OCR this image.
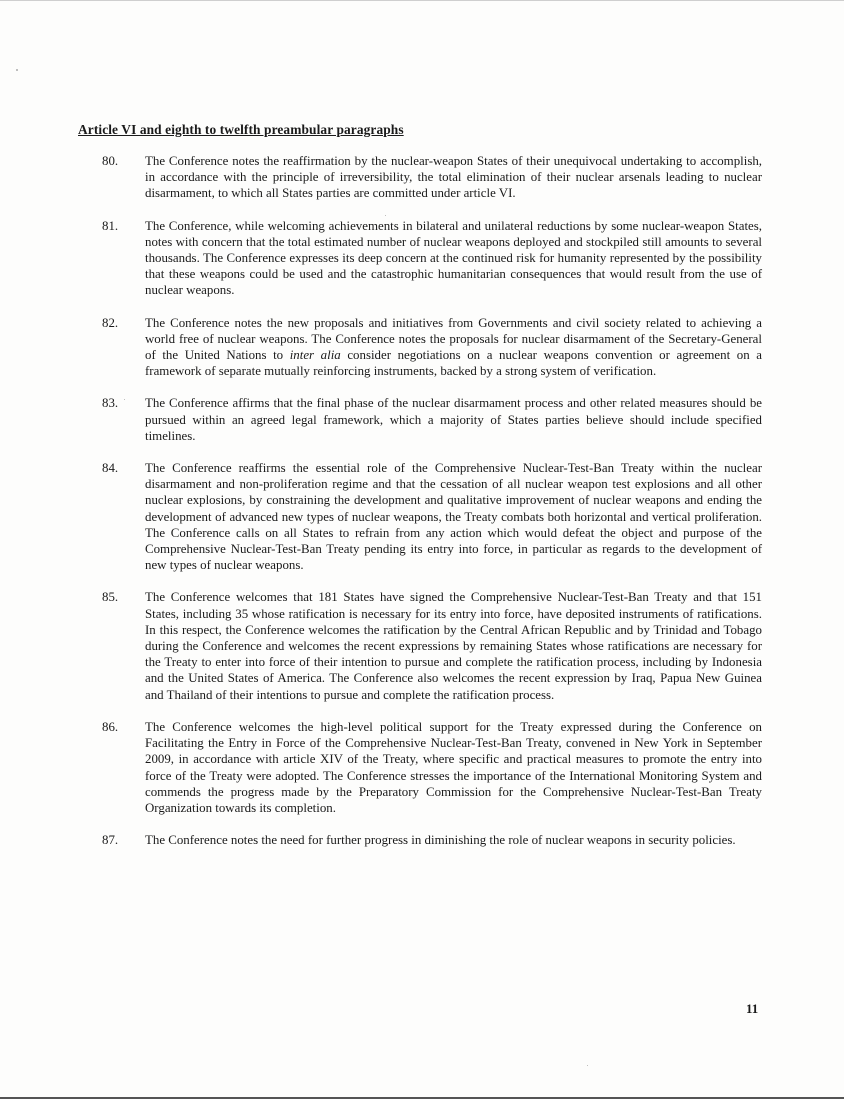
Article VI and eighth to twelfth preambular paragraphs
80.	The Conference notes the reaffirmation by the nuclear-weapon States of their unequivocal undertaking to accomplish, in accordance with the principle of irreversibility, the total elimination of their nuclear arsenals leading to nuclear disarmament, to which all States parties are committed under article VI.
81.	The Conference, while welcoming achievements in bilateral and unilateral reductions by some nuclear-weapon States, notes with concern that the total estimated number of nuclear weapons deployed and stockpiled still amounts to several thousands. The Conference expresses its deep concern at the continued risk for humanity represented by the possibility that these weapons could be used and the catastrophic humanitarian consequences that would result from the use of nuclear weapons.
82.	The Conference notes the new proposals and initiatives from Governments and civil society related to achieving a world free of nuclear weapons. The Conference notes the proposals for nuclear disarmament of the Secretary-General of the United Nations to inter alia consider negotiations on a nuclear weapons convention or agreement on a framework of separate mutually reinforcing instruments, backed by a strong system of verification.
83.	The Conference affirms that the final phase of the nuclear disarmament process and other related measures should be pursued within an agreed legal framework, which a majority of States parties believe should include specified timelines.
84.	The Conference reaffirms the essential role of the Comprehensive Nuclear-Test-Ban Treaty within the nuclear disarmament and non-proliferation regime and that the cessation of all nuclear weapon test explosions and all other nuclear explosions, by constraining the development and qualitative improvement of nuclear weapons and ending the development of advanced new types of nuclear weapons, the Treaty combats both horizontal and vertical proliferation. The Conference calls on all States to refrain from any action which would defeat the object and purpose of the Comprehensive Nuclear-Test-Ban Treaty pending its entry into force, in particular as regards to the development of new types of nuclear weapons.
85.	The Conference welcomes that 181 States have signed the Comprehensive Nuclear-Test-Ban Treaty and that 151 States, including 35 whose ratification is necessary for its entry into force, have deposited instruments of ratifications. In this respect, the Conference welcomes the ratification by the Central African Republic and by Trinidad and Tobago during the Conference and welcomes the recent expressions by remaining States whose ratifications are necessary for the Treaty to enter into force of their intention to pursue and complete the ratification process, including by Indonesia and the United States of America. The Conference also welcomes the recent expression by Iraq, Papua New Guinea and Thailand of their intentions to pursue and complete the ratification process.
86.	The Conference welcomes the high-level political support for the Treaty expressed during the Conference on Facilitating the Entry in Force of the Comprehensive Nuclear-Test-Ban Treaty, convened in New York in September 2009, in accordance with article XIV of the Treaty, where specific and practical measures to promote the entry into force of the Treaty were adopted. The Conference stresses the importance of the International Monitoring System and commends the progress made by the Preparatory Commission for the Comprehensive Nuclear-Test-Ban Treaty Organization towards its completion.
87.	The Conference notes the need for further progress in diminishing the role of nuclear weapons in security policies.
11
